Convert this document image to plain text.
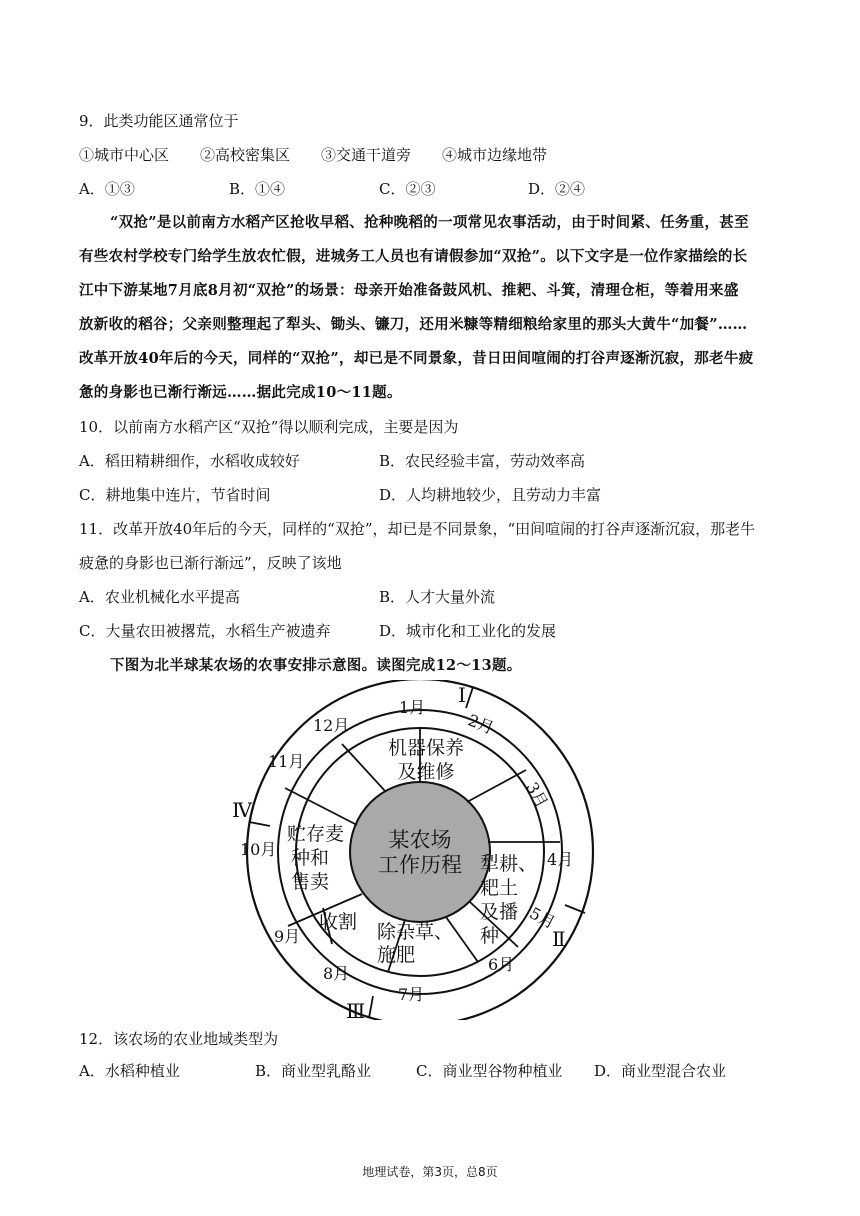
9．此类功能区通常位于
①城市中心区 ②高校密集区 ③交通干道旁 ④城市边缘地带
A．①③	B．①④	C．②③	D．②④
“双抢”是以前南方水稻产区抢收早稻、抢种晚稻的一项常见农事活动，由于时间紧、任务重，甚至
有些农村学校专门给学生放农忙假，进城务工人员也有请假参加“双抢”。以下文字是一位作家描绘的长
江中下游某地7月底8月初“双抢”的场景：母亲开始准备鼓风机、推耙、斗箕，清理仓柜，等着用来盛
放新收的稻谷；父亲则整理起了犁头、锄头、镰刀，还用米糠等精细粮给家里的那头大黄牛“加餐”……
改革开放40年后的今天，同样的“双抢”，却已是不同景象，昔日田间喧闹的打谷声逐渐沉寂，那老牛疲
惫的身影也已渐行渐远……据此完成10～11题。
10．以前南方水稻产区“双抢”得以顺利完成，主要是因为
A．稻田精耕细作，水稻收成较好	B．农民经验丰富，劳动效率高
C．耕地集中连片，节省时间	D．人均耕地较少，且劳动力丰富
11．改革开放40年后的今天，同样的“双抢”，却已是不同景象，“田间喧闹的打谷声逐渐沉寂，那老牛
疲惫的身影也已渐行渐远”，反映了该地
A．农业机械化水平提高	B．人才大量外流
C．大量农田被撂荒，水稻生产被遗弃	D．城市化和工业化的发展
下图为北半球某农场的农事安排示意图。读图完成12～13题。
某农场
工作历程
机器保养
及维修
犁耕、
耙土
及播
种
除杂草、
施肥
收割
贮存麦
种和
售卖
1月
2月
3月
4月
5月
6月
7月
8月
9月
10月
11月
12月
Ⅰ
Ⅱ
Ⅲ
Ⅳ
12．该农场的农业地域类型为
A．水稻种植业	B．商业型乳酪业	C．商业型谷物种植业 D．商业型混合农业
地理试卷，第3页，总8页
